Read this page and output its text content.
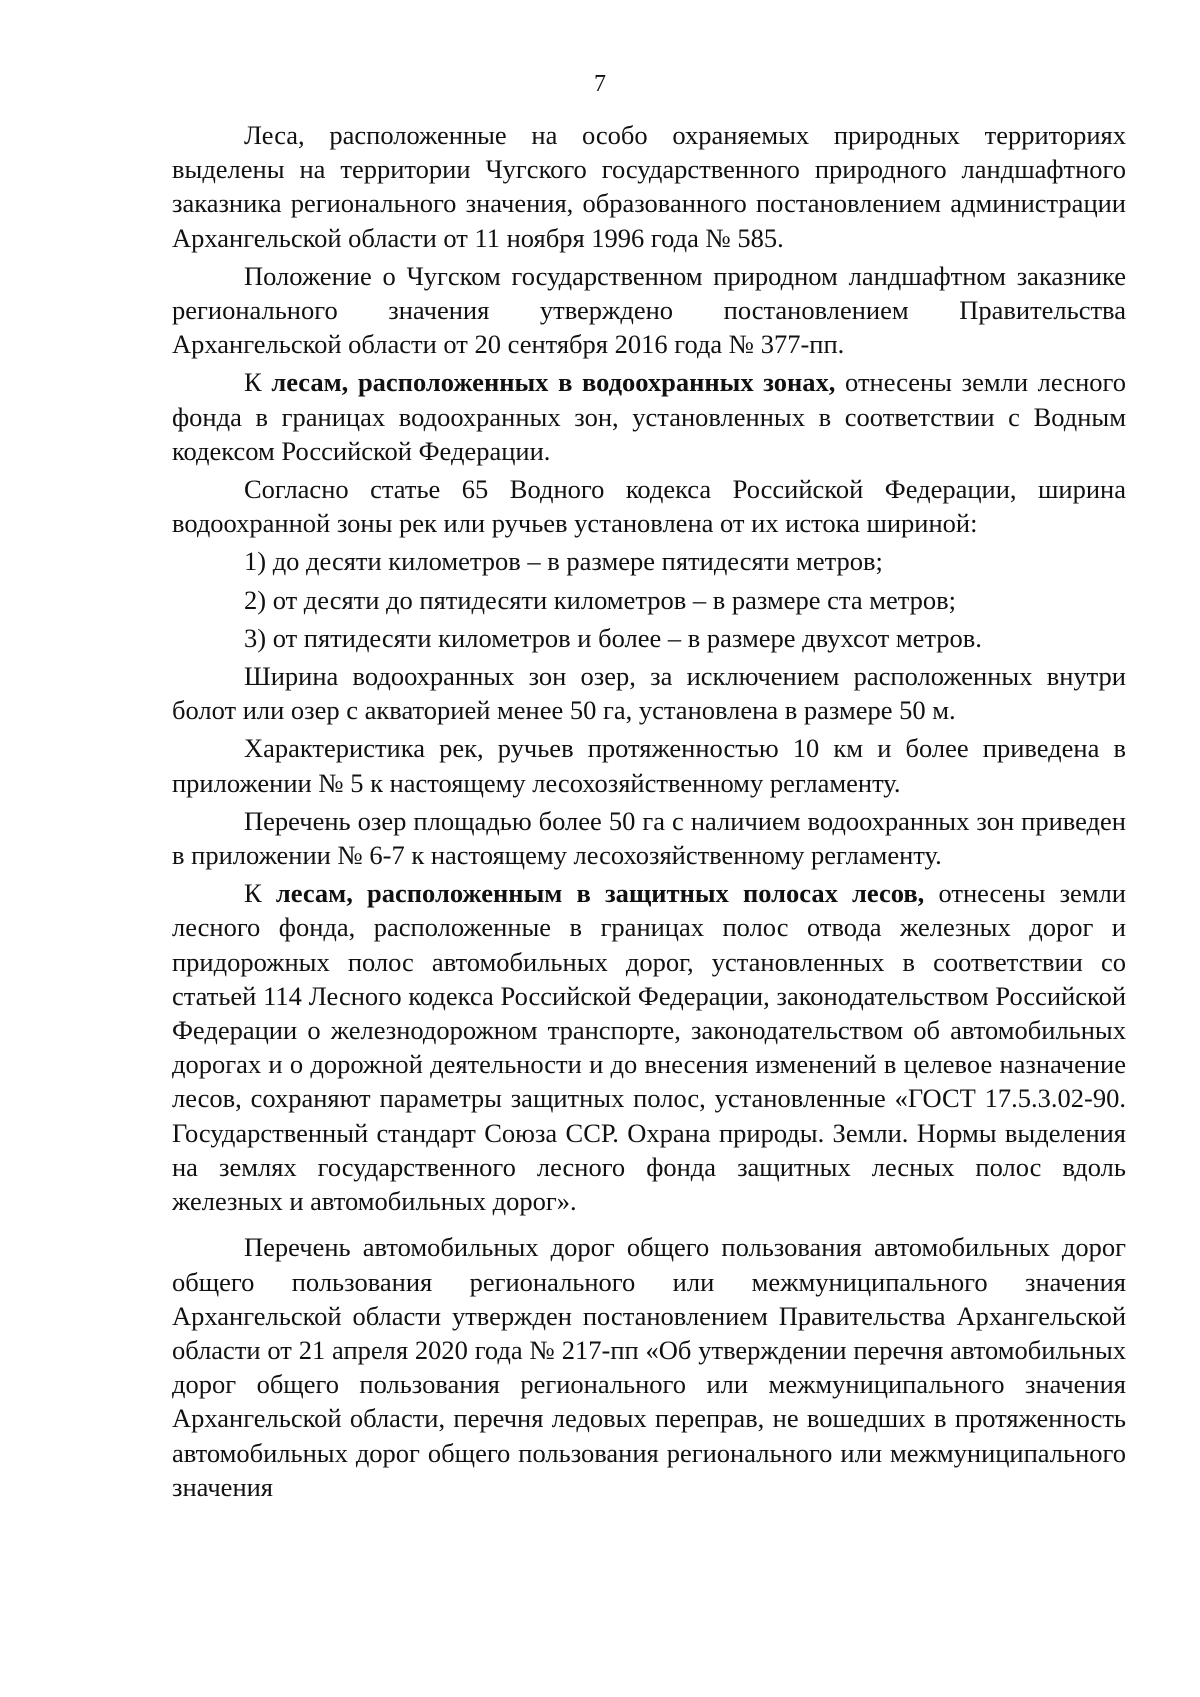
7

Леса, расположенные на особо охраняемых природных территориях выделены на территории Чугского государственного природного ландшафтного заказника регионального значения, образованного постановлением администрации Архангельской области от 11 ноября 1996 года № 585.

Положение о Чугском государственном природном ландшафтном заказнике регионального значения утверждено постановлением Правительства Архангельской области от 20 сентября 2016 года № 377-пп.

К лесам, расположенных в водоохранных зонах, отнесены земли лесного фонда в границах водоохранных зон, установленных в соответствии с Водным кодексом Российской Федерации.

Согласно статье 65 Водного кодекса Российской Федерации, ширина водоохранной зоны рек или ручьев установлена от их истока шириной:

1) до десяти километров – в размере пятидесяти метров;

2) от десяти до пятидесяти километров – в размере ста метров;

3) от пятидесяти километров и более – в размере двухсот метров.

Ширина водоохранных зон озер, за исключением расположенных внутри болот или озер с акваторией менее 50 га, установлена в размере 50 м.

Характеристика рек, ручьев протяженностью 10 км и более приведена в приложении № 5 к настоящему лесохозяйственному регламенту.

Перечень озер площадью более 50 га с наличием водоохранных зон приведен в приложении № 6-7 к настоящему лесохозяйственному регламенту.

К лесам, расположенным в защитных полосах лесов, отнесены земли лесного фонда, расположенные в границах полос отвода железных дорог и придорожных полос автомобильных дорог, установленных в соответствии со статьей 114 Лесного кодекса Российской Федерации, законодательством Российской Федерации о железнодорожном транспорте, законодательством об автомобильных дорогах и о дорожной деятельности и до внесения изменений в целевое назначение лесов, сохраняют параметры защитных полос, установленные «ГОСТ 17.5.3.02-90. Государственный стандарт Союза ССР. Охрана природы. Земли. Нормы выделения на землях государственного лесного фонда защитных лесных полос вдоль железных и автомобильных дорог».

Перечень автомобильных дорог общего пользования автомобильных дорог общего пользования регионального или межмуниципального значения Архангельской области утвержден постановлением Правительства Архангельской области от 21 апреля 2020 года № 217-пп «Об утверждении перечня автомобильных дорог общего пользования регионального или межмуниципального значения Архангельской области, перечня ледовых переправ, не вошедших в протяженность автомобильных дорог общего пользования регионального или межмуниципального значения
